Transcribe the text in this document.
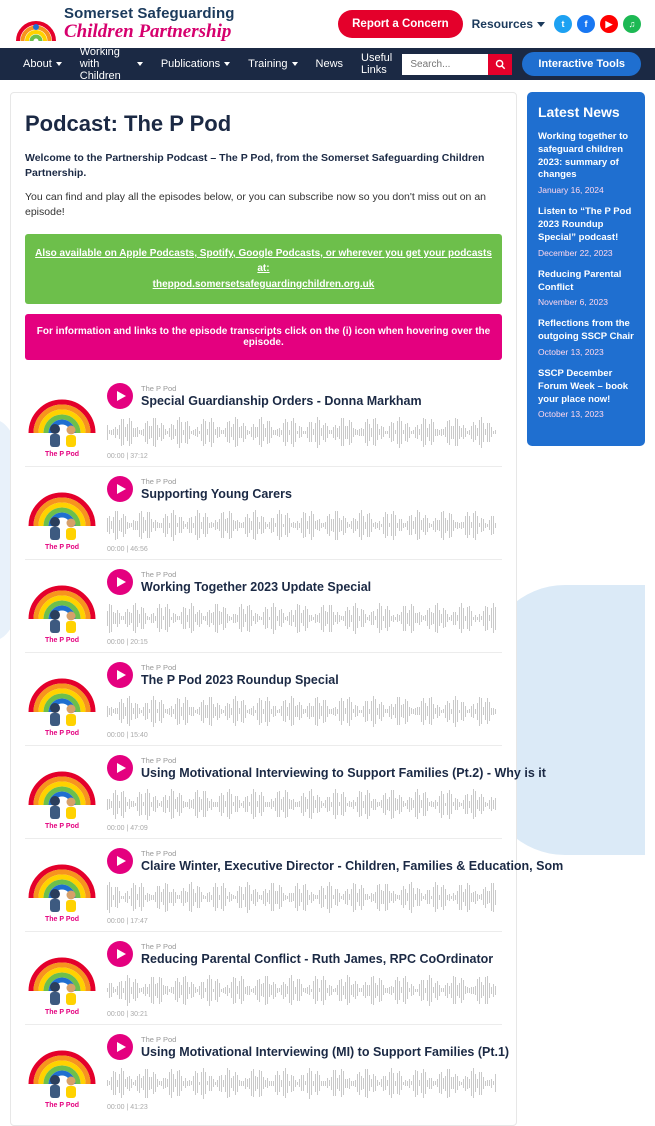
Somerset Safeguarding
Children Partnership	Report a Concern	Resources	t	f	▶	♫
About
Working with Children
Publications	Training	News Useful Links
Search...	Interactive Tools
Podcast: The P Pod

Welcome to the Partnership Podcast – The P Pod, from the Somerset Safeguarding Children Partnership.

You can find and play all the episodes below, or you can subscribe now so you don't miss out on an episode!

Also available on Apple Podcasts, Spotify, Google Podcasts, or wherever you get your podcasts at:
theppod.somersetsafeguardingchildren.org.uk
For information and links to the episode transcripts click on the (i) icon when hovering over the episode.
The P Pod
The P Pod
Special Guardianship Orders - Donna Markham
00:00 | 37:12
The P Pod
The P Pod
Supporting Young Carers
00:00 | 46:56
The P Pod
The P Pod
Working Together 2023 Update Special
00:00 | 20:15
The P Pod
The P Pod
The P Pod 2023 Roundup Special
00:00 | 15:40
The P Pod
The P Pod
Using Motivational Interviewing to Support Families (Pt.2) - Why is it
00:00 | 47:09
The P Pod
The P Pod
Claire Winter, Executive Director - Children, Families & Education, Som
00:00 | 17:47
The P Pod
The P Pod
Reducing Parental Conflict - Ruth James, RPC CoOrdinator
00:00 | 30:21
The P Pod
The P Pod
Using Motivational Interviewing (MI) to Support Families (Pt.1)
00:00 | 41:23
Latest News
Working together to safeguard children 2023: summary of changes
January 16, 2024
Listen to “The P Pod 2023 Roundup Special” podcast!
December 22, 2023
Reducing Parental Conflict
November 6, 2023
Reflections from the outgoing SSCP Chair
October 13, 2023
SSCP December Forum Week – book your place now!
October 13, 2023
